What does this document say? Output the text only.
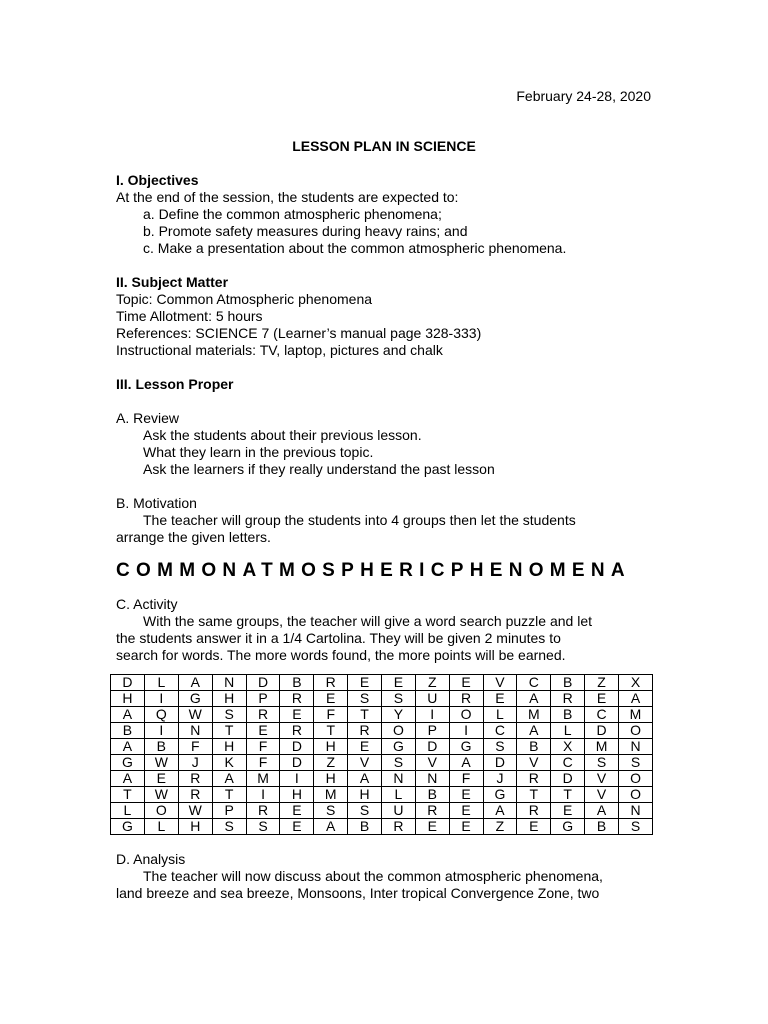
February 24-28, 2020
LESSON PLAN IN SCIENCE
I. Objectives
At the end of the session, the students are expected to:
a. Define the common atmospheric phenomena;
b. Promote safety measures during heavy rains; and
c. Make a presentation about the common atmospheric phenomena.
II. Subject Matter
Topic: Common Atmospheric phenomena
Time Allotment: 5 hours
References: SCIENCE 7 (Learner’s manual page 328-333)
Instructional materials: TV, laptop, pictures and chalk
III. Lesson Proper
A. Review
Ask the students about their previous lesson.
What they learn in the previous topic.
Ask the learners if they really understand the past lesson
B. Motivation
The teacher will group the students into 4 groups then let the students
arrange the given letters.
COMMONATMOSPHERICPHENOMENA
C. Activity
With the same groups, the teacher will give a word search puzzle and let
the students answer it in a 1/4 Cartolina. They will be given 2 minutes to
search for words. The more words found, the more points will be earned.
D	L	A	N	D	B	R	E	E	Z	E	V	C	B	Z	X
H	I	G	H	P	R	E	S	S	U	R	E	A	R	E	A
A	Q	W	S	R	E	F	T	Y	I	O	L	M	B	C	M
B	I	N	T	E	R	T	R	O	P	I	C	A	L	D	O
A	B	F	H	F	D	H	E	G	D	G	S	B	X	M	N
G	W	J	K	F	D	Z	V	S	V	A	D	V	C	S	S
A	E	R	A	M	I	H	A	N	N	F	J	R	D	V	O
T	W	R	T	I	H	M	H	L	B	E	G	T	T	V	O
L	O	W	P	R	E	S	S	U	R	E	A	R	E	A	N
G	L	H	S	S	E	A	B	R	E	E	Z	E	G	B	S
D. Analysis
The teacher will now discuss about the common atmospheric phenomena,
land breeze and sea breeze, Monsoons, Inter tropical Convergence Zone, two
